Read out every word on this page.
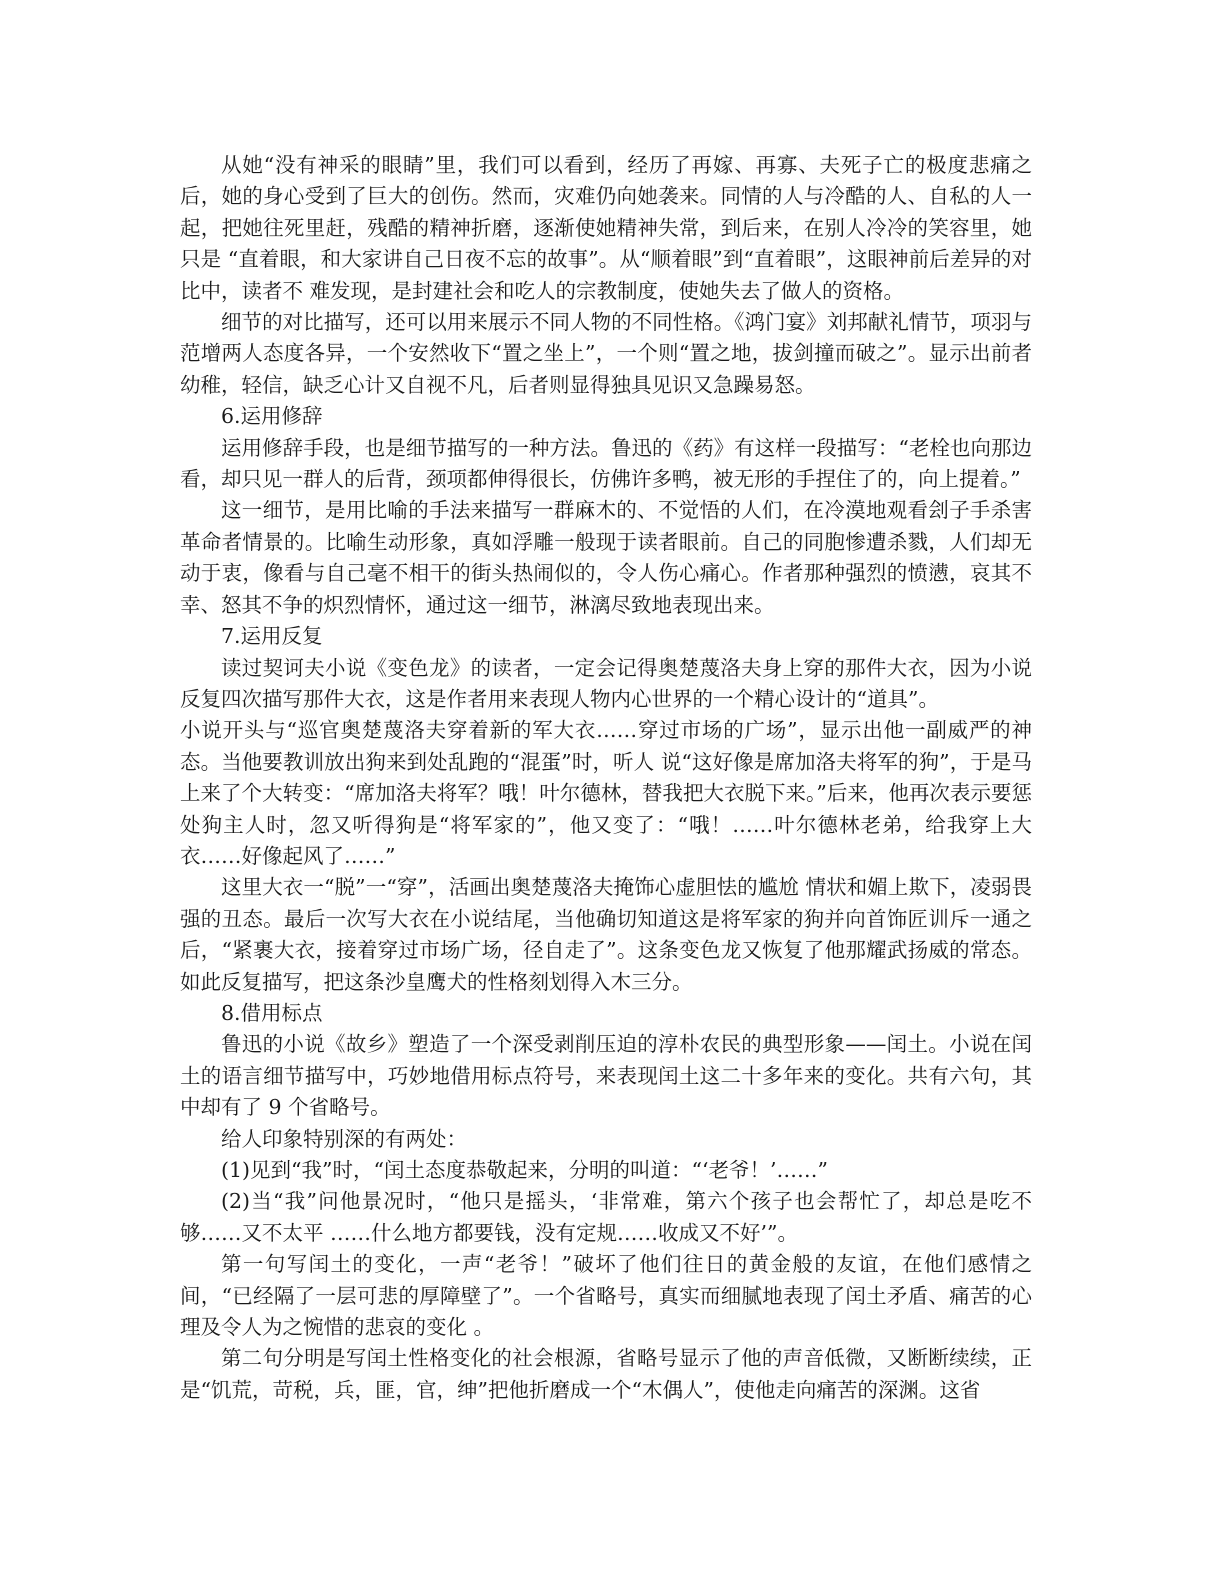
从她“没有神采的眼睛”里，我们可以看到，经历了再嫁、再寡、夫死子亡的极度悲痛之后，她的身心受到了巨大的创伤。然而，灾难仍向她袭来。同情的人与冷酷的人、自私的人一起，把她往死里赶，残酷的精神折磨，逐渐使她精神失常，到后来，在别人冷冷的笑容里，她只是 “直着眼，和大家讲自己日夜不忘的故事”。从“顺着眼”到“直着眼”，这眼神前后差异的对比中，读者不 难发现，是封建社会和吃人的宗教制度，使她失去了做人的资格。

细节的对比描写，还可以用来展示不同人物的不同性格。《鸿门宴》刘邦献礼情节，项羽与范增两人态度各异，一个安然收下“置之坐上”，一个则“置之地，拔剑撞而破之”。显示出前者幼稚，轻信，缺乏心计又自视不凡，后者则显得独具见识又急躁易怒。

6.运用修辞

运用修辞手段，也是细节描写的一种方法。鲁迅的《药》有这样一段描写：“老栓也向那边看，却只见一群人的后背，颈项都伸得很长，仿佛许多鸭，被无形的手捏住了的，向上提着。”

这一细节，是用比喻的手法来描写一群麻木的、不觉悟的人们，在冷漠地观看刽子手杀害革命者情景的。比喻生动形象，真如浮雕一般现于读者眼前。自己的同胞惨遭杀戮，人们却无动于衷，像看与自己毫不相干的街头热闹似的，令人伤心痛心。作者那种强烈的愤懑，哀其不幸、怒其不争的炽烈情怀，通过这一细节，淋漓尽致地表现出来。

7.运用反复

读过契诃夫小说《变色龙》的读者，一定会记得奥楚蔑洛夫身上穿的那件大衣，因为小说反复四次描写那件大衣，这是作者用来表现人物内心世界的一个精心设计的“道具”。

小说开头与“巡官奥楚蔑洛夫穿着新的军大衣……穿过市场的广场”，显示出他一副威严的神态。当他要教训放出狗来到处乱跑的“混蛋”时，听人 说“这好像是席加洛夫将军的狗”，于是马上来了个大转变：“席加洛夫将军？哦！叶尔德林，替我把大衣脱下来。”后来，他再次表示要惩处狗主人时，忽又听得狗是“将军家的”，他又变了：“哦！……叶尔德林老弟，给我穿上大衣……好像起风了……”

这里大衣一“脱”一“穿”，活画出奥楚蔑洛夫掩饰心虚胆怯的尴尬 情状和媚上欺下，凌弱畏强的丑态。最后一次写大衣在小说结尾，当他确切知道这是将军家的狗并向首饰匠训斥一通之后，“紧裹大衣，接着穿过市场广场，径自走了”。这条变色龙又恢复了他那耀武扬威的常态。如此反复描写，把这条沙皇鹰犬的性格刻划得入木三分。

8.借用标点

鲁迅的小说《故乡》塑造了一个深受剥削压迫的淳朴农民的典型形象——闰土。小说在闰土的语言细节描写中，巧妙地借用标点符号，来表现闰土这二十多年来的变化。共有六句，其中却有了 9 个省略号。

给人印象特别深的有两处：

(1)见到“我”时，“闰土态度恭敬起来，分明的叫道：“‘老爷！’……”

(2)当“我”问他景况时，“他只是摇头，‘非常难，第六个孩子也会帮忙了，却总是吃不够……又不太平 ……什么地方都要钱，没有定规……收成又不好’”。

第一句写闰土的变化，一声“老爷！”破坏了他们往日的黄金般的友谊，在他们感情之间，“已经隔了一层可悲的厚障壁了”。一个省略号，真实而细腻地表现了闰土矛盾、痛苦的心理及令人为之惋惜的悲哀的变化 。

第二句分明是写闰土性格变化的社会根源，省略号显示了他的声音低微，又断断续续，正是“饥荒，苛税，兵，匪，官，绅”把他折磨成一个“木偶人”，使他走向痛苦的深渊。这省
